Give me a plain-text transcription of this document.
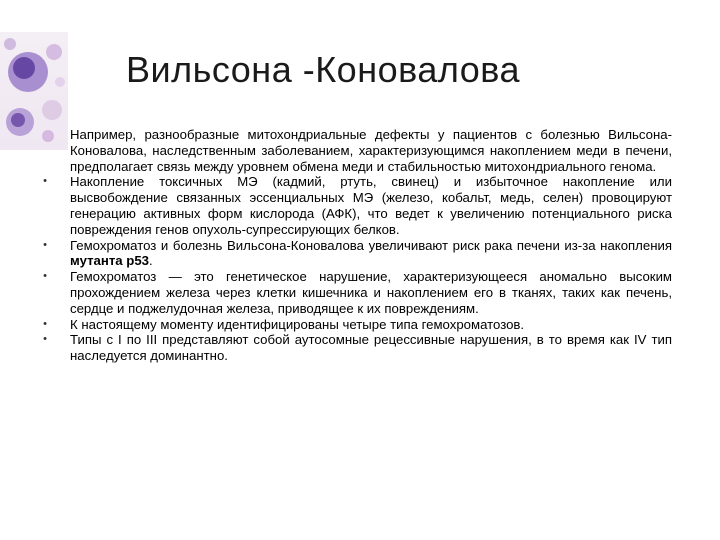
Вильсона -Коновалова
Например, разнообразные митохондриальные дефекты у пациентов с болезнью Вильсона-Коновалова, наследственным заболеванием, характеризующимся накоплением меди в печени, предполагает связь между уровнем обмена меди и стабильностью митохондриального генома.
• Накопление токсичных МЭ (кадмий, ртуть, свинец) и избыточное накопление или высвобождение связанных эссенциальных МЭ (железо, кобальт, медь, селен) провоцируют генерацию активных форм кислорода (АФК), что ведет к увеличению потенциального риска повреждения генов опухоль-супрессирующих белков.
• Гемохроматоз и болезнь Вильсона-Коновалова увеличивают риск рака печени из-за накопления мутанта p53.
• Гемохроматоз — это генетическое нарушение, характеризующееся аномально высоким прохождением железа через клетки кишечника и накоплением его в тканях, таких как печень, сердце и поджелудочная железа, приводящее к их повреждениям.
• К настоящему моменту идентифицированы четыре типа гемохроматозов.
• Типы с I по III представляют собой аутосомные рецессивные нарушения, в то время как IV тип наследуется доминантно.
